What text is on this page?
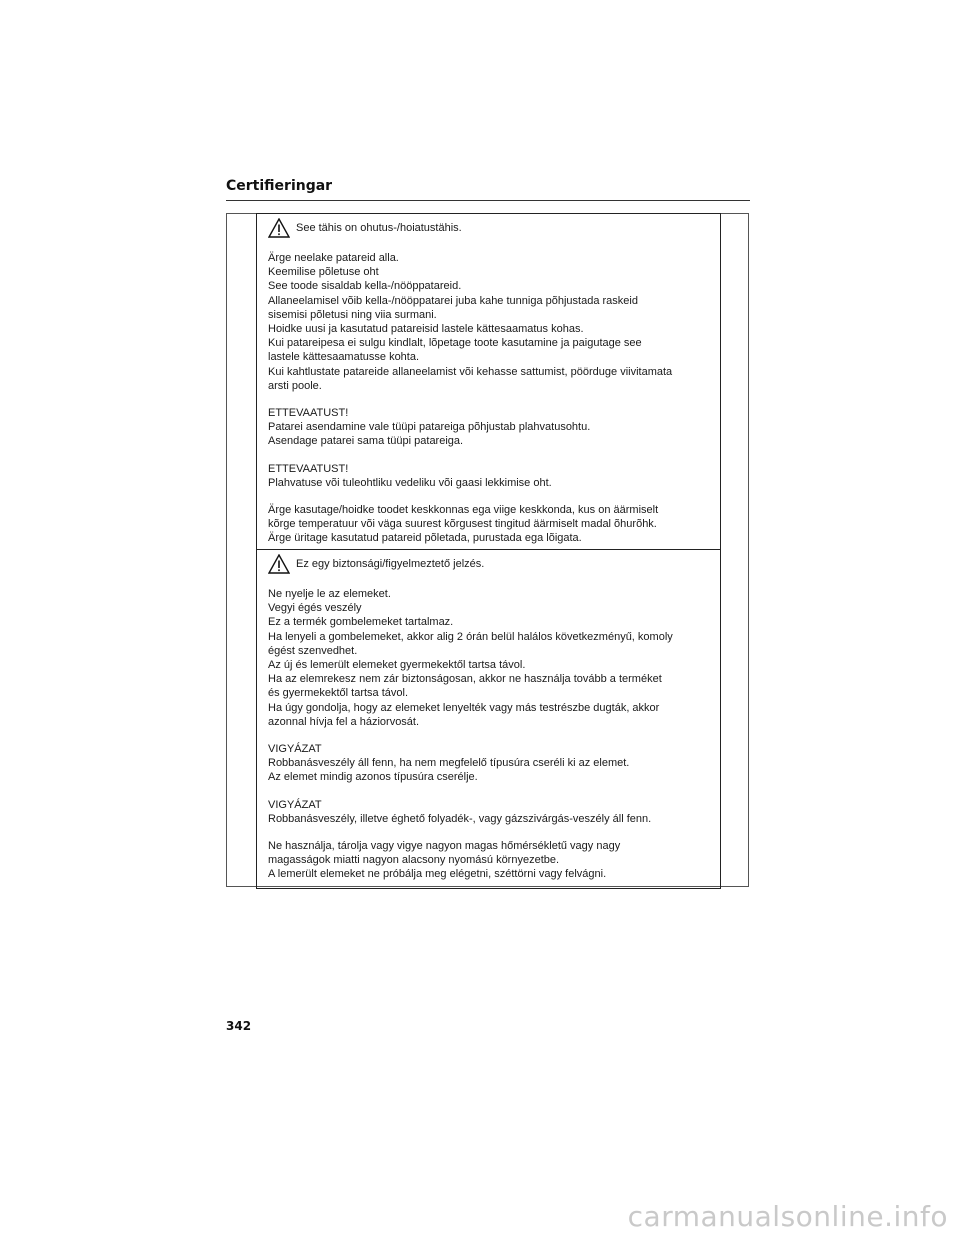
Certifieringar
See tähis on ohutus-/hoiatustähis.

Ärge neelake patareid alla.

Keemilise põletuse oht

See toode sisaldab kella-/nööppatareid.

Allaneelamisel võib kella-/nööppatarei juba kahe tunniga põhjustada raskeid

sisemisi põletusi ning viia surmani.

Hoidke uusi ja kasutatud patareisid lastele kättesaamatus kohas.

Kui patareipesa ei sulgu kindlalt, lõpetage toote kasutamine ja paigutage see

lastele kättesaamatusse kohta.

Kui kahtlustate patareide allaneelamist või kehasse sattumist, pöörduge viivitamata

arsti poole.

ETTEVAATUST!

Patarei asendamine vale tüüpi patareiga põhjustab plahvatusohtu.

Asendage patarei sama tüüpi patareiga.

ETTEVAATUST!

Plahvatuse või tuleohtliku vedeliku või gaasi lekkimise oht.

Ärge kasutage/hoidke toodet keskkonnas ega viige keskkonda, kus on äärmiselt

kõrge temperatuur või väga suurest kõrgusest tingitud äärmiselt madal õhurõhk.

Ärge üritage kasutatud patareid põletada, purustada ega lõigata.

Ez egy biztonsági/figyelmeztető jelzés.

Ne nyelje le az elemeket.

Vegyi égés veszély

Ez a termék gombelemeket tartalmaz.

Ha lenyeli a gombelemeket, akkor alig 2 órán belül halálos következményű, komoly

égést szenvedhet.

Az új és lemerült elemeket gyermekektől tartsa távol.

Ha az elemrekesz nem zár biztonságosan, akkor ne használja tovább a terméket

és gyermekektől tartsa távol.

Ha úgy gondolja, hogy az elemeket lenyelték vagy más testrészbe dugták, akkor

azonnal hívja fel a háziorvosát.

VIGYÁZAT

Robbanásveszély áll fenn, ha nem megfelelő típusúra cseréli ki az elemet.

Az elemet mindig azonos típusúra cserélje.

VIGYÁZAT

Robbanásveszély, illetve éghető folyadék-, vagy gázszivárgás-veszély áll fenn.

Ne használja, tárolja vagy vigye nagyon magas hőmérsékletű vagy nagy

magasságok miatti nagyon alacsony nyomású környezetbe.

A lemerült elemeket ne próbálja meg elégetni, széttörni vagy felvágni.

342
carmanualsonline.info
